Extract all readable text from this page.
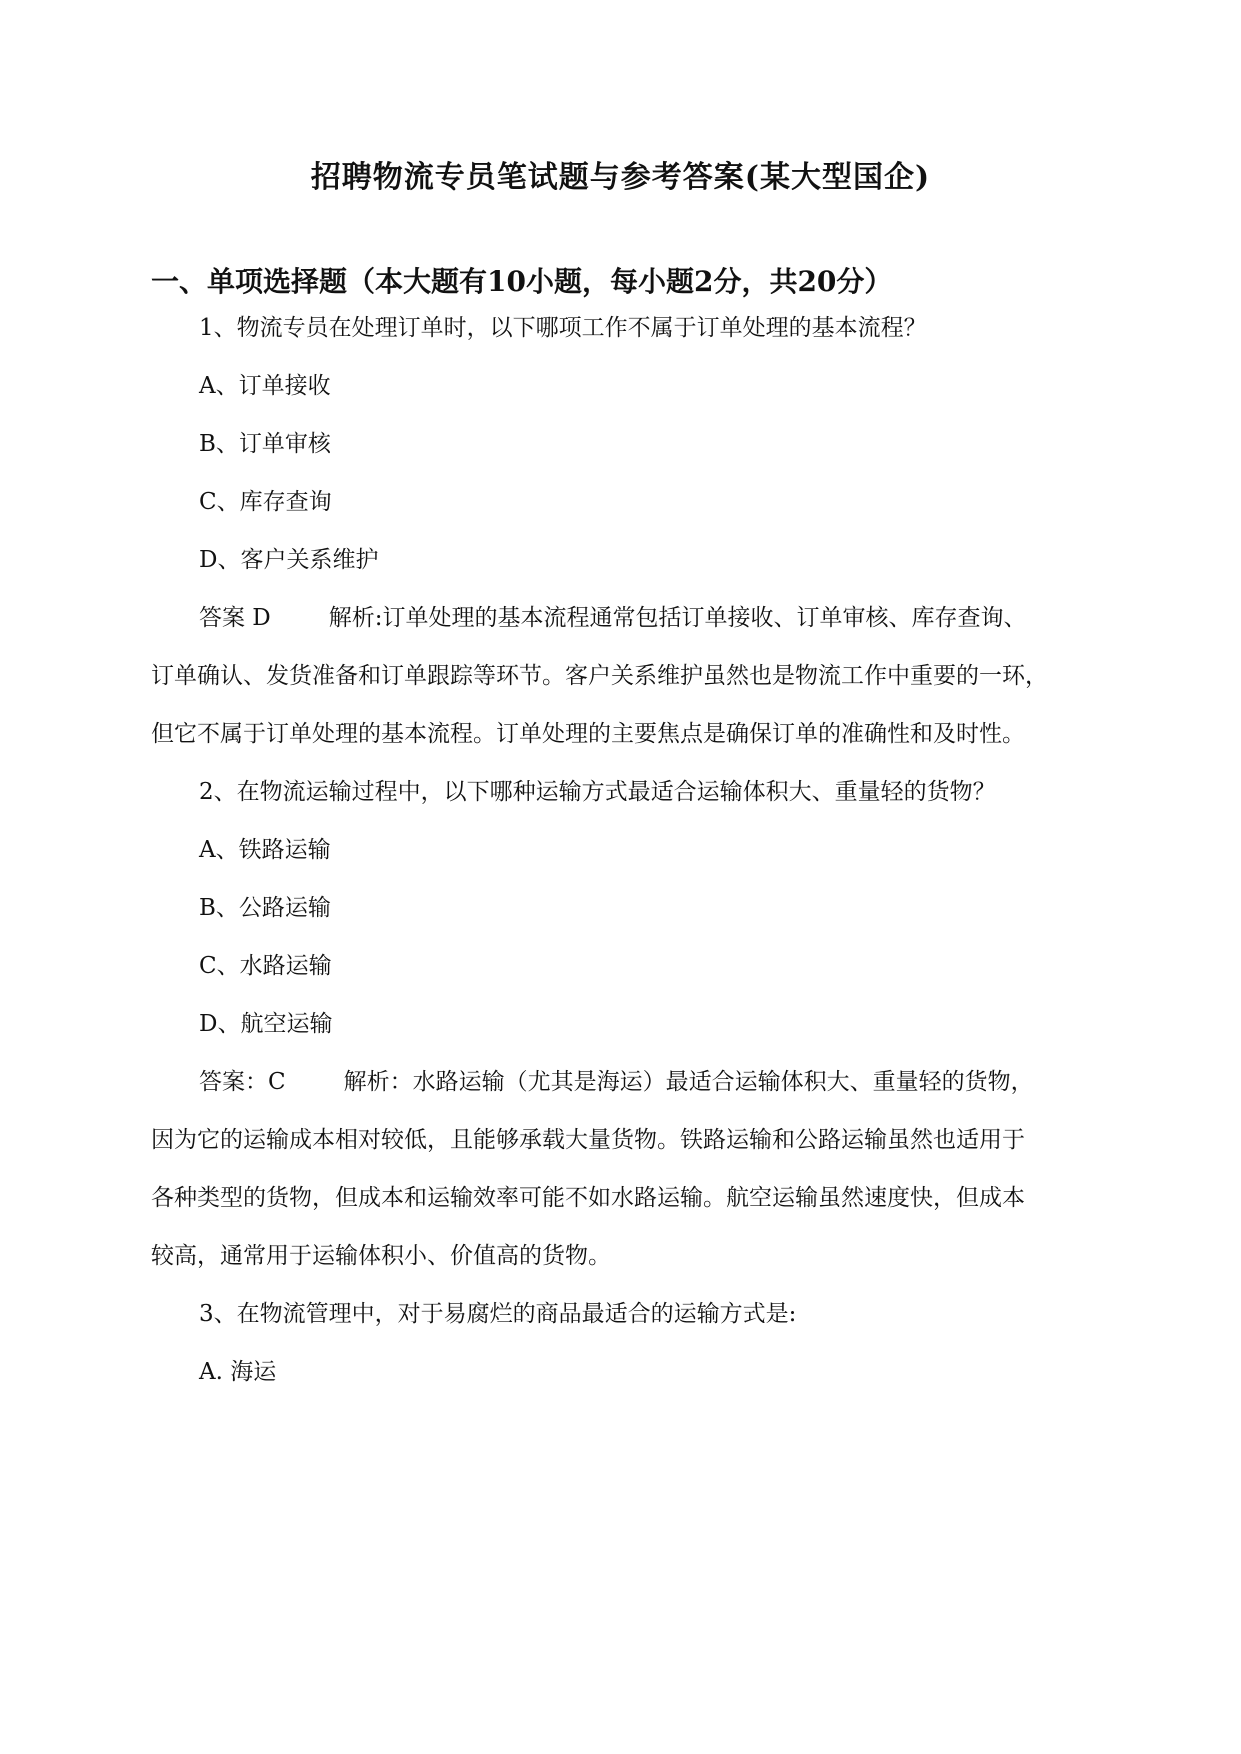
招聘物流专员笔试题与参考答案(某大型国企)
一、单项选择题（本大题有10小题，每小题2分，共20分）
1、物流专员在处理订单时，以下哪项工作不属于订单处理的基本流程？
A、订单接收
B、订单审核
C、库存查询
D、客户关系维护
答案 D	解析:订单处理的基本流程通常包括订单接收、订单审核、库存查询、
订单确认、发货准备和订单跟踪等环节。客户关系维护虽然也是物流工作中重要的一环，
但它不属于订单处理的基本流程。订单处理的主要焦点是确保订单的准确性和及时性。
2、在物流运输过程中，以下哪种运输方式最适合运输体积大、重量轻的货物？
A、铁路运输
B、公路运输
C、水路运输
D、航空运输
答案：C	解析：水路运输（尤其是海运）最适合运输体积大、重量轻的货物，
因为它的运输成本相对较低，且能够承载大量货物。铁路运输和公路运输虽然也适用于
各种类型的货物，但成本和运输效率可能不如水路运输。航空运输虽然速度快，但成本
较高，通常用于运输体积小、价值高的货物。
3、在物流管理中，对于易腐烂的商品最适合的运输方式是:
A. 海运
